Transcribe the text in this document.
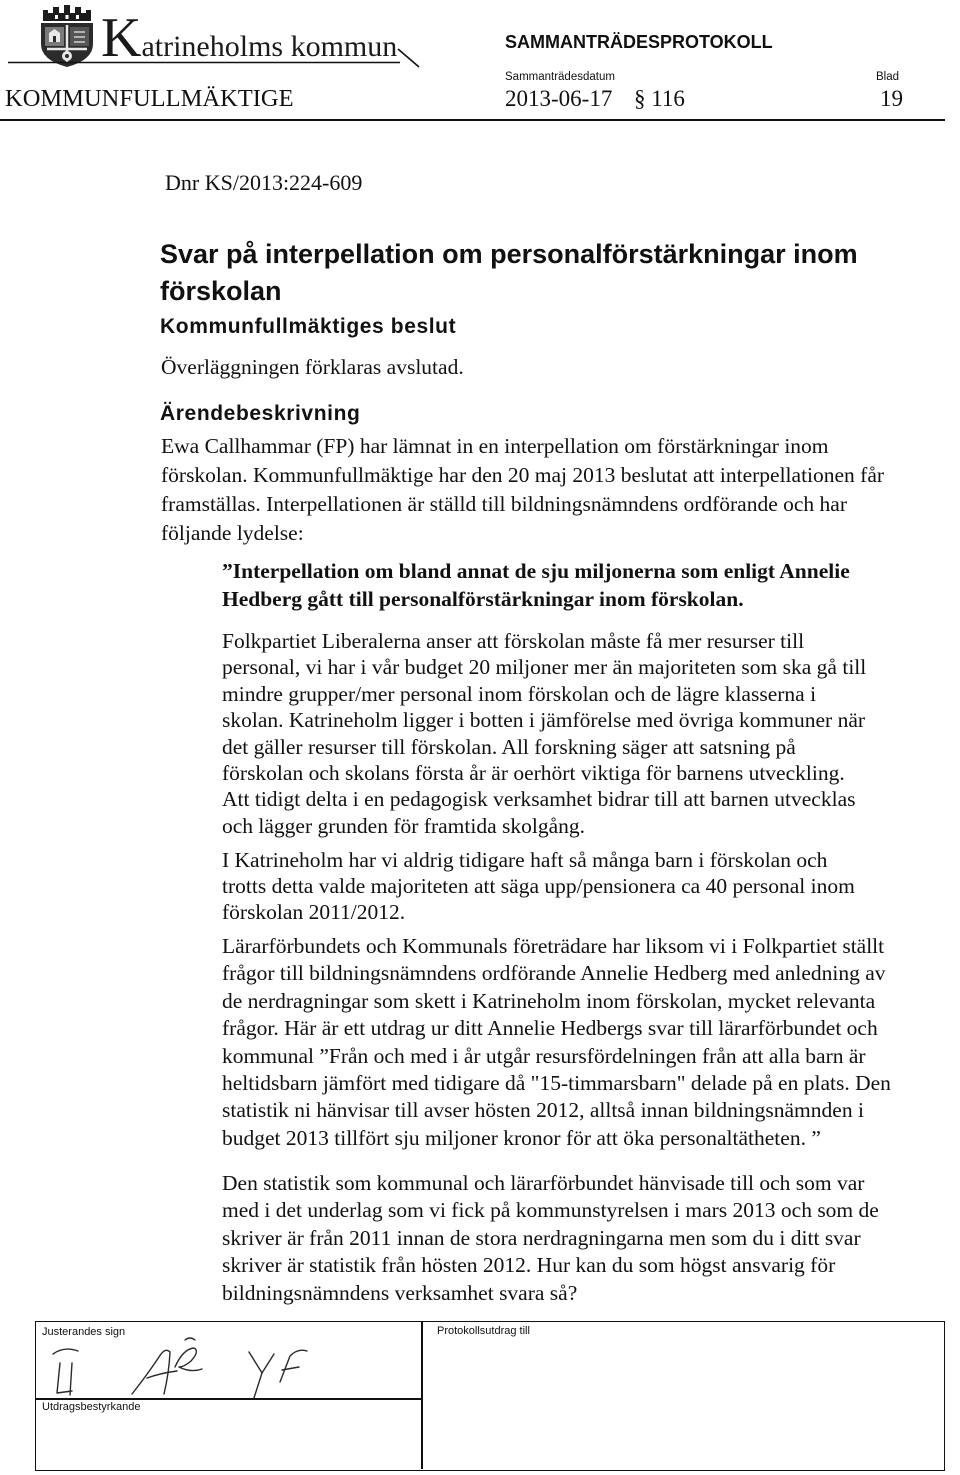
Katrineholms kommun	SAMMANTRÄDESPROTOKOLL
Sammanträdesdatum	Blad
KOMMUNFULLMÄKTIGE	2013-06-17 § 116	19
Dnr KS/2013:224-609
Svar på interpellation om personalförstärkningar inom
förskolan
Kommunfullmäktiges beslut
Överläggningen förklaras avslutad.
Ärendebeskrivning
Ewa Callhammar (FP) har lämnat in en interpellation om förstärkningar inom
förskolan. Kommunfullmäktige har den 20 maj 2013 beslutat att interpellationen får
framställas. Interpellationen är ställd till bildningsnämndens ordförande och har
följande lydelse:
”Interpellation om bland annat de sju miljonerna som enligt Annelie
Hedberg gått till personalförstärkningar inom förskolan.
Folkpartiet Liberalerna anser att förskolan måste få mer resurser till
personal, vi har i vår budget 20 miljoner mer än majoriteten som ska gå till
mindre grupper/mer personal inom förskolan och de lägre klasserna i
skolan. Katrineholm ligger i botten i jämförelse med övriga kommuner när
det gäller resurser till förskolan. All forskning säger att satsning på
förskolan och skolans första år är oerhört viktiga för barnens utveckling.
Att tidigt delta i en pedagogisk verksamhet bidrar till att barnen utvecklas
och lägger grunden för framtida skolgång.
I Katrineholm har vi aldrig tidigare haft så många barn i förskolan och
trotts detta valde majoriteten att säga upp/pensionera ca 40 personal inom
förskolan 2011/2012.
Lärarförbundets och Kommunals företrädare har liksom vi i Folkpartiet ställt
frågor till bildningsnämndens ordförande Annelie Hedberg med anledning av
de nerdragningar som skett i Katrineholm inom förskolan, mycket relevanta
frågor. Här är ett utdrag ur ditt Annelie Hedbergs svar till lärarförbundet och
kommunal ”Från och med i år utgår resursfördelningen från att alla barn är
heltidsbarn jämfört med tidigare då "15-timmarsbarn" delade på en plats. Den
statistik ni hänvisar till avser hösten 2012, alltså innan bildningsnämnden i
budget 2013 tillfört sju miljoner kronor för att öka personaltätheten. ”
Den statistik som kommunal och lärarförbundet hänvisade till och som var
med i det underlag som vi fick på kommunstyrelsen i mars 2013 och som de
skriver är från 2011 innan de stora nerdragningarna men som du i ditt svar
skriver är statistik från hösten 2012. Hur kan du som högst ansvarig för
bildningsnämndens verksamhet svara så?
Justerandes sign	Protokollsutdrag till
Utdragsbestyrkande
